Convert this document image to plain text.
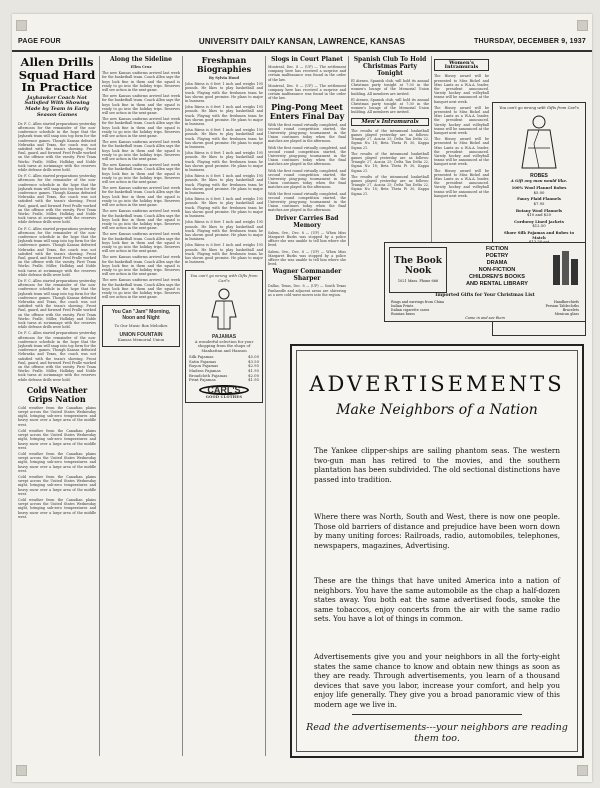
PAGE FOUR	UNIVERSITY DAILY KANSAN, LAWRENCE, KANSAS	THURSDAY, DECEMBER 9, 1937
Allen Drills Squad Hard In Practice
Jayhawker Coach Not Satisfied With Showing Made by Team in Early Season Games

Dr. F. C. Allen started preparations yesterday afternoon for the remainder of the non-conference schedule in the hope that the Jayhawk team will snap into top form for the conference games. Though Kansas defeated Nebraska and Texas, the coach was not satisfied with the team's showing. Front Paul, guard, and forward Fred Pralle worked on the offense with the varsity. First Team Works: Pralle, Miller, Holliday and Noble took turns at scrimmage with the reserves while defense drills were held.

Dr. F. C. Allen started preparations yesterday afternoon for the remainder of the non-conference schedule in the hope that the Jayhawk team will snap into top form for the conference games. Though Kansas defeated Nebraska and Texas, the coach was not satisfied with the team's showing. Front Paul, guard, and forward Fred Pralle worked on the offense with the varsity. First Team Works: Pralle, Miller, Holliday and Noble took turns at scrimmage with the reserves while defense drills were held.

Dr. F. C. Allen started preparations yesterday afternoon for the remainder of the non-conference schedule in the hope that the Jayhawk team will snap into top form for the conference games. Though Kansas defeated Nebraska and Texas, the coach was not satisfied with the team's showing. Front Paul, guard, and forward Fred Pralle worked on the offense with the varsity. First Team Works: Pralle, Miller, Holliday and Noble took turns at scrimmage with the reserves while defense drills were held.

Dr. F. C. Allen started preparations yesterday afternoon for the remainder of the non-conference schedule in the hope that the Jayhawk team will snap into top form for the conference games. Though Kansas defeated Nebraska and Texas, the coach was not satisfied with the team's showing. Front Paul, guard, and forward Fred Pralle worked on the offense with the varsity. First Team Works: Pralle, Miller, Holliday and Noble took turns at scrimmage with the reserves while defense drills were held.

Dr. F. C. Allen started preparations yesterday afternoon for the remainder of the non-conference schedule in the hope that the Jayhawk team will snap into top form for the conference games. Though Kansas defeated Nebraska and Texas, the coach was not satisfied with the team's showing. Front Paul, guard, and forward Fred Pralle worked on the offense with the varsity. First Team Works: Pralle, Miller, Holliday and Noble took turns at scrimmage with the reserves while defense drills were held.

Cold Weather Grips Nation

Cold weather from the Canadian plains swept across the United States Wednesday night, bringing sub-zero temperatures and heavy snow over a large area of the middle west.

Cold weather from the Canadian plains swept across the United States Wednesday night, bringing sub-zero temperatures and heavy snow over a large area of the middle west.

Cold weather from the Canadian plains swept across the United States Wednesday night, bringing sub-zero temperatures and heavy snow over a large area of the middle west.

Cold weather from the Canadian plains swept across the United States Wednesday night, bringing sub-zero temperatures and heavy snow over a large area of the middle west.

Cold weather from the Canadian plains swept across the United States Wednesday night, bringing sub-zero temperatures and heavy snow over a large area of the middle west.

Along the Sideline
Ellen Cruz

The new Kansas uniforms arrived last week for the basketball team. Coach Allen says the boys look fine in them and the squad is ready to go into the holiday trips. Reserves will see action in the next game.

The new Kansas uniforms arrived last week for the basketball team. Coach Allen says the boys look fine in them and the squad is ready to go into the holiday trips. Reserves will see action in the next game.

The new Kansas uniforms arrived last week for the basketball team. Coach Allen says the boys look fine in them and the squad is ready to go into the holiday trips. Reserves will see action in the next game.

The new Kansas uniforms arrived last week for the basketball team. Coach Allen says the boys look fine in them and the squad is ready to go into the holiday trips. Reserves will see action in the next game.

The new Kansas uniforms arrived last week for the basketball team. Coach Allen says the boys look fine in them and the squad is ready to go into the holiday trips. Reserves will see action in the next game.

The new Kansas uniforms arrived last week for the basketball team. Coach Allen says the boys look fine in them and the squad is ready to go into the holiday trips. Reserves will see action in the next game.

The new Kansas uniforms arrived last week for the basketball team. Coach Allen says the boys look fine in them and the squad is ready to go into the holiday trips. Reserves will see action in the next game.

The new Kansas uniforms arrived last week for the basketball team. Coach Allen says the boys look fine in them and the squad is ready to go into the holiday trips. Reserves will see action in the next game.

The new Kansas uniforms arrived last week for the basketball team. Coach Allen says the boys look fine in them and the squad is ready to go into the holiday trips. Reserves will see action in the next game.

The new Kansas uniforms arrived last week for the basketball team. Coach Allen says the boys look fine in them and the squad is ready to go into the holiday trips. Reserves will see action in the next game.

You Can "Jam" Morning, Noon and Night
To Our Music Box Melodies
UNION FOUNTAIN
Kansas Memorial Union
Freshman Biographies
By Sylvia Hood

John Riiess is 6 feet 1 inch and weighs 195 pounds. He likes to play basketball and track. Playing with the freshmen team he has shown good promise. He plans to major in business.

John Riiess is 6 feet 1 inch and weighs 195 pounds. He likes to play basketball and track. Playing with the freshmen team he has shown good promise. He plans to major in business.

John Riiess is 6 feet 1 inch and weighs 195 pounds. He likes to play basketball and track. Playing with the freshmen team he has shown good promise. He plans to major in business.

John Riiess is 6 feet 1 inch and weighs 195 pounds. He likes to play basketball and track. Playing with the freshmen team he has shown good promise. He plans to major in business.

John Riiess is 6 feet 1 inch and weighs 195 pounds. He likes to play basketball and track. Playing with the freshmen team he has shown good promise. He plans to major in business.

John Riiess is 6 feet 1 inch and weighs 195 pounds. He likes to play basketball and track. Playing with the freshmen team he has shown good promise. He plans to major in business.

John Riiess is 6 feet 1 inch and weighs 195 pounds. He likes to play basketball and track. Playing with the freshmen team he has shown good promise. He plans to major in business.

John Riiess is 6 feet 1 inch and weighs 195 pounds. He likes to play basketball and track. Playing with the freshmen team he has shown good promise. He plans to major in business.

You can't go wrong with Gifts from Carl's
PAJAMAS
A wonderful selection for your shopping from the shops of Manhattan and Hanson
Silk Pajamas	$5.00
Satin Pajamas	$3.50
Rayon Pajamas	$2.95
Madras Pajamas	$1.95
Broadcloth Pajamas	$2.00
Print Pajamas	$1.95
CARL'S
GOOD CLOTHES
Slogs in Court Planet

Montreal, Dec. 8 — (UP) — The settlement company here has received a surprise and certain malfeasance was found in the order of the law.

Montreal, Dec. 8 — (UP) — The settlement company here has received a surprise and certain malfeasance was found in the order of the law.

Ping-Pong Meet Enters Final Day

With the first round virtually completed, and second round competition started, the University ping-pong tournament in the Union continues today when the final matches are played in the afternoon.

With the first round virtually completed, and second round competition started, the University ping-pong tournament in the Union continues today when the final matches are played in the afternoon.

With the first round virtually completed, and second round competition started, the University ping-pong tournament in the Union continues today when the final matches are played in the afternoon.

With the first round virtually completed, and second round competition started, the University ping-pong tournament in the Union continues today when the final matches are played in the afternoon.

Driver Carries Bad Memory

Salem, Ore., Dec. 8 — (UP) — When Miss Margaret Burks was stopped by a police officer she was unable to tell him where she lived.

Salem, Ore., Dec. 8 — (UP) — When Miss Margaret Burks was stopped by a police officer she was unable to tell him where she lived.

Wagner Commander Sharper

Dallas, Texas, Dec. 8 — (UP) — South Texas Panhandle and adjacent areas are shivering as a new cold wave moves into the region.

Spanish Club To Hold Christmas Party Tonight

El Ateneo, Spanish club, will hold its annual Christmas party tonight at 7:30 in the women's lounge of the Memorial Union building. All members are invited.

El Ateneo, Spanish club, will hold its annual Christmas party tonight at 7:30 in the women's lounge of the Memorial Union building. All members are invited.

Men's Intramurals

The results of the intramural basketball games played yesterday are as follows: Triangle 27, Acacia 25; Delta Tau Delta 22, Sigma Nu 18; Beta Theta Pi 30, Kappa Sigma 21.

The results of the intramural basketball games played yesterday are as follows: Triangle 27, Acacia 25; Delta Tau Delta 22, Sigma Nu 18; Beta Theta Pi 30, Kappa Sigma 21.

The results of the intramural basketball games played yesterday are as follows: Triangle 27, Acacia 25; Delta Tau Delta 22, Sigma Nu 18; Beta Theta Pi 30, Kappa Sigma 21.

Women's Intramurals

The Hissey award will be presented to Miss Bickel and Miss Lantz as a W.A.A. leader, the president announced. Varsity hockey and volleyball teams will be announced at the banquet next week.

The Hissey award will be presented to Miss Bickel and Miss Lantz as a W.A.A. leader, the president announced. Varsity hockey and volleyball teams will be announced at the banquet next week.

The Hissey award will be presented to Miss Bickel and Miss Lantz as a W.A.A. leader, the president announced. Varsity hockey and volleyball teams will be announced at the banquet next week.

The Hissey award will be presented to Miss Bickel and Miss Lantz as a W.A.A. leader, the president announced. Varsity hockey and volleyball teams will be announced at the banquet next week.

You can't go wrong with Gifts from Carl's
ROBES
A Gift any man would like.
100% Wool Flannel Robes
$5.00
Fancy Plaid Flannels
$7.95
Botany Wool Flannels
$10 and $20
Corduroy Lined Jackets
$12.50
Shore Silk Pajamas and Robes to Match
The Book Nook
1021 Mass. Phone 666
FICTION
POETRY
DRAMA
NON-FICTION
CHILDREN'S BOOKS
AND RENTAL LIBRARY
Imported Gifts for Your Christmas List
Rings and earrings from China	Handkerchiefs
Indian Prints	Persian Tablecloths
Italian cigarette cases	Bracelets
Russian brass	Mexican glass
Come in and see them
ADVERTISEMENTS
Make Neighbors of a Nation
The Yankee clipper-ships are sailing phantom seas. The western two-gun man has retired to the movies, and the southern plantation has been subdivided. The old sectional distinctions have passed into tradition.
Where there was North, South and West, there is now one people. Those old barriers of distance and prejudice have been worn down by many uniting forces: Railroads, radio, automobiles, telephones, newspapers, magazines, Advertising.
These are the things that have united America into a nation of neighbors. You have the same automobile as the chap a half-dozen states away. You both eat the same advertised foods, smoke the same tobaccos, enjoy concerts from the air with the same radio sets. You have a lot of things in common.
Advertisements give you and your neighbors in all the forty-eight states the same chance to know and obtain new things as soon as they are ready. Through advertisements, you learn of a thousand devices that save you labor, increase your comfort, and help you enjoy life generally. They give you a broad panoramic view of this modern age we live in.
Read the advertisements---your neighbors are reading them too.
